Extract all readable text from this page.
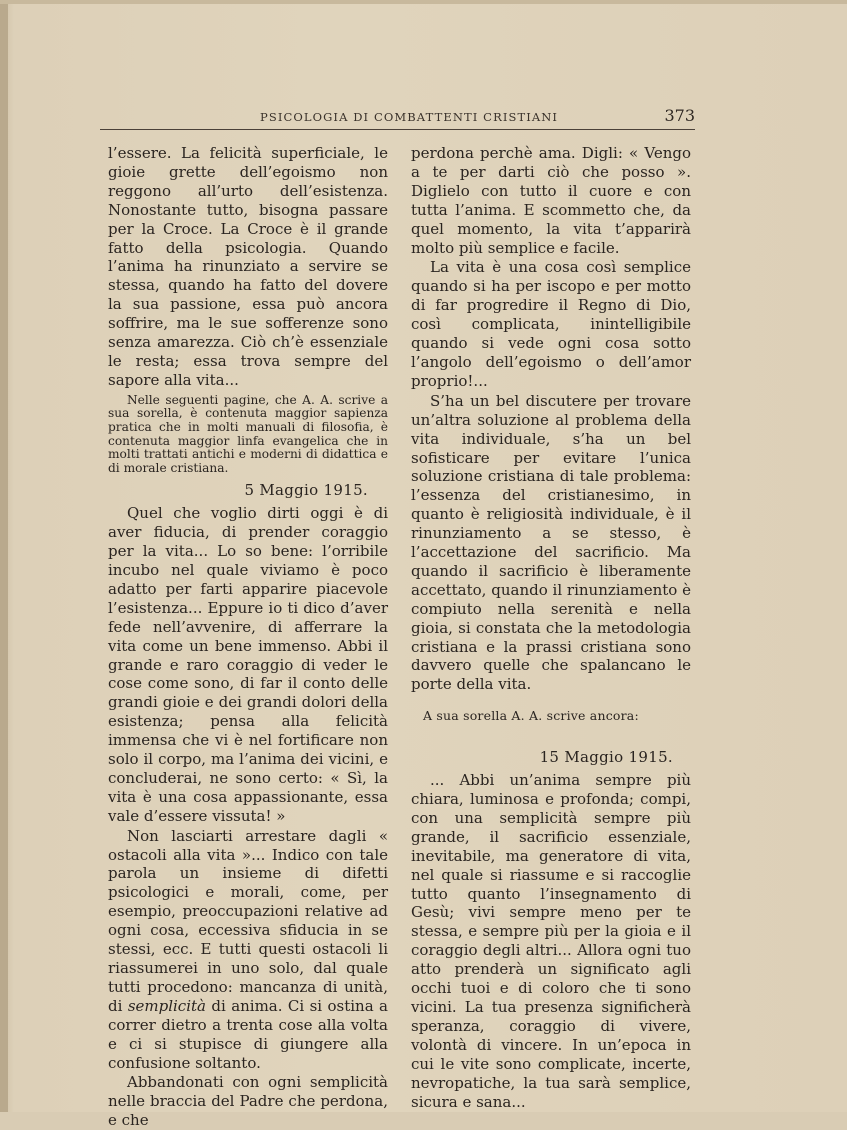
PSICOLOGIA DI COMBATTENTI CRISTIANI	373

l’essere. La felicità superficiale, le gioie grette dell’egoismo non reggono all’urto dell’esistenza. Nonostante tutto, bisogna passare per la Croce. La Croce è il grande fatto della psicologia. Quando l’anima ha rinunziato a servire se stessa, quando ha fatto del dovere la sua passione, essa può ancora soffrire, ma le sue sofferenze sono senza amarezza. Ciò ch’è essenziale le resta; essa trova sempre del sapore alla vita...

Nelle seguenti pagine, che A. A. scrive a sua sorella, è contenuta maggior sapienza pratica che in molti manuali di filosofia, è contenuta maggior linfa evangelica che in molti trattati antichi e moderni di didattica e di morale cristiana.

5 Maggio 1915.

Quel che voglio dirti oggi è di aver fiducia, di prender coraggio per la vita... Lo so bene: l’orribile incubo nel quale viviamo è poco adatto per farti apparire piacevole l’esistenza... Eppure io ti dico d’aver fede nell’avvenire, di afferrare la vita come un bene immenso. Abbi il grande e raro coraggio di veder le cose come sono, di far il conto delle grandi gioie e dei grandi dolori della esistenza; pensa alla felicità immensa che vi è nel fortificare non solo il corpo, ma l’anima dei vicini, e concluderai, ne sono certo: « Sì, la vita è una cosa appassionante, essa vale d’essere vissuta! »

Non lasciarti arrestare dagli « ostacoli alla vita »... Indico con tale parola un insieme di difetti psicologici e morali, come, per esempio, preoccupazioni relative ad ogni cosa, eccessiva sfiducia in se stessi, ecc. E tutti questi ostacoli li riassumerei in uno solo, dal quale tutti procedono: mancanza di unità, di semplicità di anima. Ci si ostina a correr dietro a trenta cose alla volta e ci si stupisce di giungere alla confusione soltanto.

Abbandonati con ogni semplicità nelle braccia del Padre che perdona, e che

perdona perchè ama. Digli: « Vengo a te per darti ciò che posso ». Diglielo con tutto il cuore e con tutta l’anima. E scommetto che, da quel momento, la vita t’apparirà molto più semplice e facile.

La vita è una cosa così semplice quando si ha per iscopo e per motto di far progredire il Regno di Dio, così complicata, inintelligibile quando si vede ogni cosa sotto l’angolo dell’egoismo o dell’amor proprio!...

S’ha un bel discutere per trovare un’altra soluzione al problema della vita individuale, s’ha un bel sofisticare per evitare l’unica soluzione cristiana di tale problema: l’essenza del cristianesimo, in quanto è religiosità individuale, è il rinunziamento a se stesso, è l’accettazione del sacrificio. Ma quando il sacrificio è liberamente accettato, quando il rinunziamento è compiuto nella serenità e nella gioia, si constata che la metodologia cristiana e la prassi cristiana sono davvero quelle che spalancano le porte della vita.

A sua sorella A. A. scrive ancora:

15 Maggio 1915.

... Abbi un’anima sempre più chiara, luminosa e profonda; compi, con una semplicità sempre più grande, il sacrificio essenziale, inevitabile, ma generatore di vita, nel quale si riassume e si raccoglie tutto quanto l’insegnamento di Gesù; vivi sempre meno per te stessa, e sempre più per la gioia e il coraggio degli altri... Allora ogni tuo atto prenderà un significato agli occhi tuoi e di coloro che ti sono vicini. La tua presenza significherà speranza, coraggio di vivere, volontà di vincere. In un’epoca in cui le vite sono complicate, incerte, nevropatiche, la tua sarà semplice, sicura e sana...
